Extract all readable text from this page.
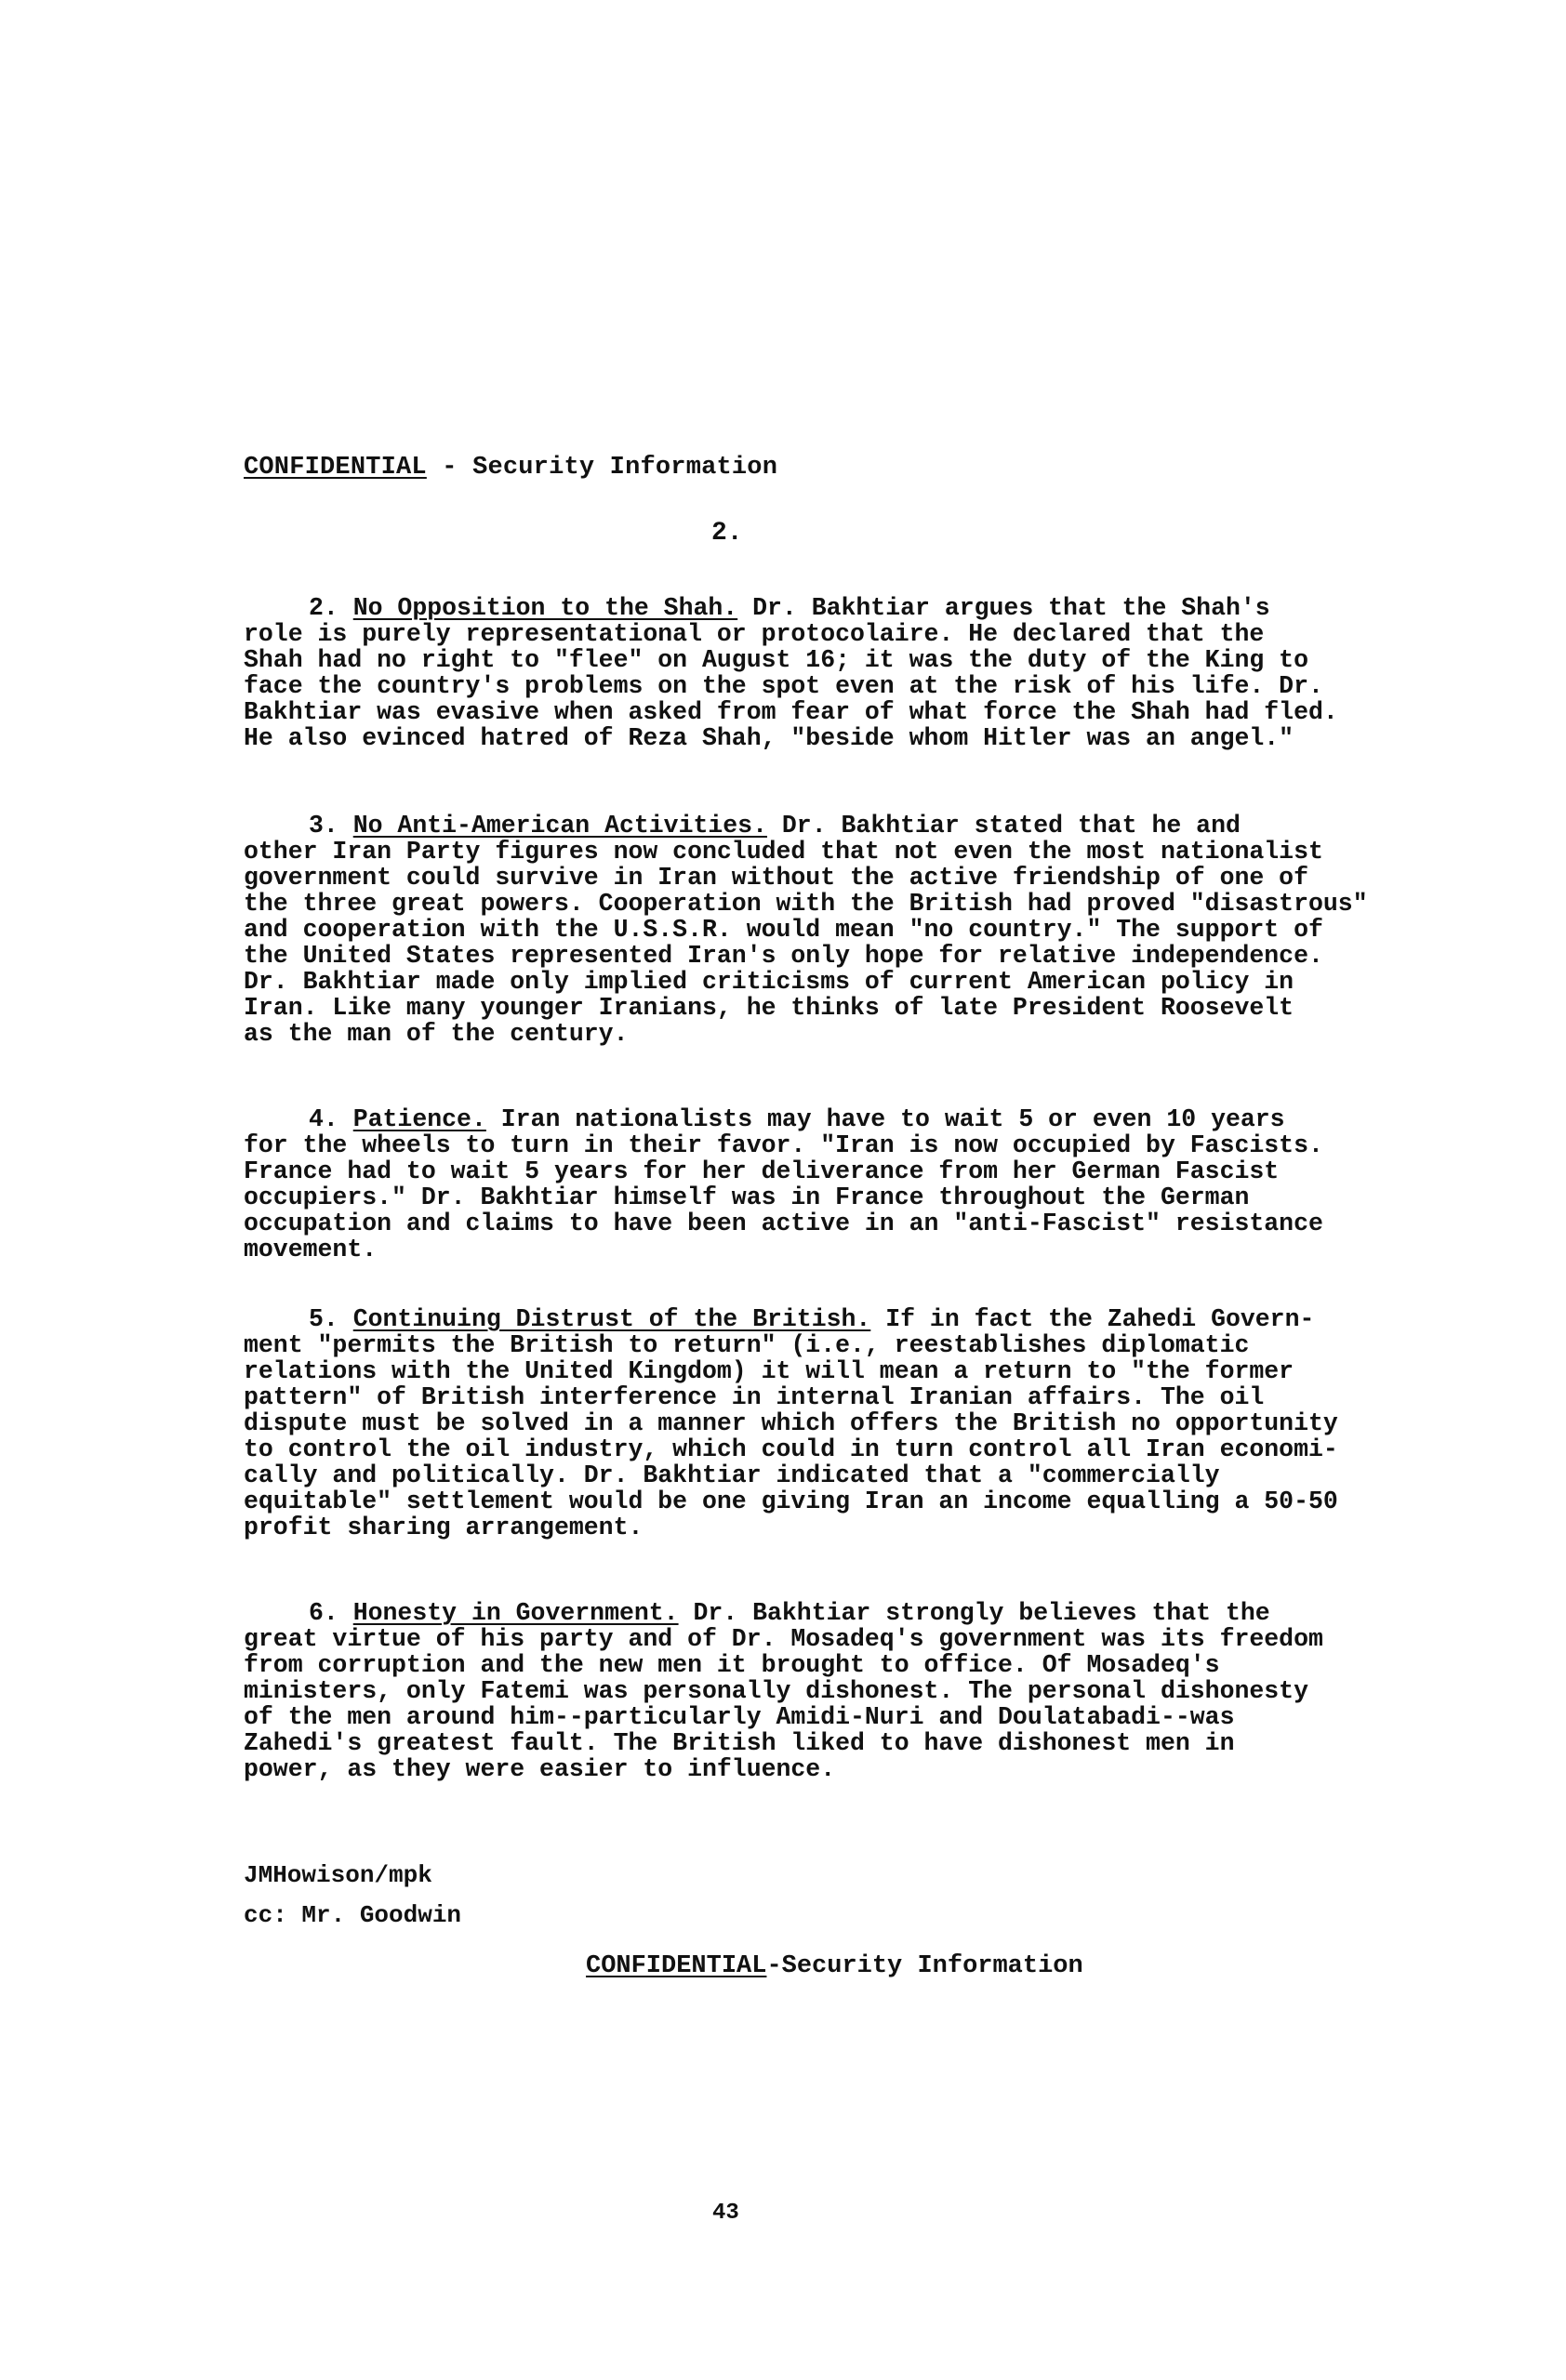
CONFIDENTIAL - Security Information
2.
2. No Opposition to the Shah. Dr. Bakhtiar argues that the Shah's
role is purely representational or protocolaire. He declared that the
Shah had no right to "flee" on August 16; it was the duty of the King to
face the country's problems on the spot even at the risk of his life. Dr.
Bakhtiar was evasive when asked from fear of what force the Shah had fled.
He also evinced hatred of Reza Shah, "beside whom Hitler was an angel."
3. No Anti-American Activities. Dr. Bakhtiar stated that he and
other Iran Party figures now concluded that not even the most nationalist
government could survive in Iran without the active friendship of one of
the three great powers. Cooperation with the British had proved "disastrous"
and cooperation with the U.S.S.R. would mean "no country." The support of
the United States represented Iran's only hope for relative independence.
Dr. Bakhtiar made only implied criticisms of current American policy in
Iran. Like many younger Iranians, he thinks of late President Roosevelt
as the man of the century.
4. Patience. Iran nationalists may have to wait 5 or even 10 years
for the wheels to turn in their favor. "Iran is now occupied by Fascists.
France had to wait 5 years for her deliverance from her German Fascist
occupiers." Dr. Bakhtiar himself was in France throughout the German
occupation and claims to have been active in an "anti-Fascist" resistance
movement.
5. Continuing Distrust of the British. If in fact the Zahedi Govern-
ment "permits the British to return" (i.e., reestablishes diplomatic
relations with the United Kingdom) it will mean a return to "the former
pattern" of British interference in internal Iranian affairs. The oil
dispute must be solved in a manner which offers the British no opportunity
to control the oil industry, which could in turn control all Iran economi-
cally and politically. Dr. Bakhtiar indicated that a "commercially
equitable" settlement would be one giving Iran an income equalling a 50-50
profit sharing arrangement.
6. Honesty in Government. Dr. Bakhtiar strongly believes that the
great virtue of his party and of Dr. Mosadeq's government was its freedom
from corruption and the new men it brought to office. Of Mosadeq's
ministers, only Fatemi was personally dishonest. The personal dishonesty
of the men around him--particularly Amidi-Nuri and Doulatabadi--was
Zahedi's greatest fault. The British liked to have dishonest men in
power, as they were easier to influence.
JMHowison/mpk
cc: Mr. Goodwin
CONFIDENTIAL-Security Information
43
